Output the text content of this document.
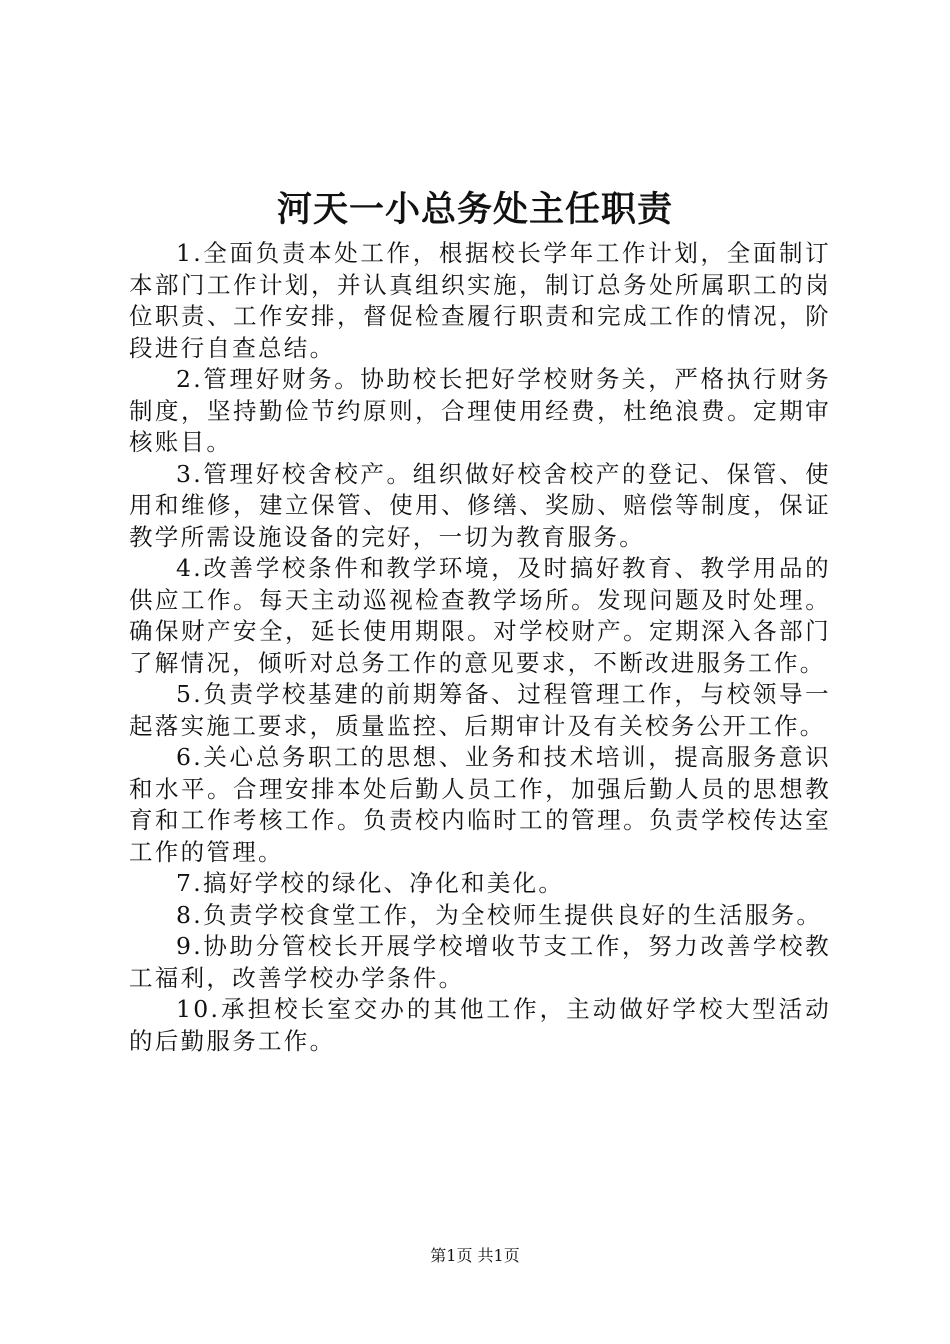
河天一小总务处主任职责

1.全面负责本处工作，根据校长学年工作计划，全面制订本部门工作计划，并认真组织实施，制订总务处所属职工的岗位职责、工作安排，督促检查履行职责和完成工作的情况，阶段进行自查总结。

2.管理好财务。协助校长把好学校财务关，严格执行财务制度，坚持勤俭节约原则，合理使用经费，杜绝浪费。定期审核账目。

3.管理好校舍校产。组织做好校舍校产的登记、保管、使用和维修，建立保管、使用、修缮、奖励、赔偿等制度，保证教学所需设施设备的完好，一切为教育服务。

4.改善学校条件和教学环境，及时搞好教育、教学用品的供应工作。每天主动巡视检查教学场所。发现问题及时处理。确保财产安全，延长使用期限。对学校财产。定期深入各部门了解情况，倾听对总务工作的意见要求，不断改进服务工作。

5.负责学校基建的前期筹备、过程管理工作，与校领导一起落实施工要求，质量监控、后期审计及有关校务公开工作。

6.关心总务职工的思想、业务和技术培训，提高服务意识和水平。合理安排本处后勤人员工作，加强后勤人员的思想教育和工作考核工作。负责校内临时工的管理。负责学校传达室工作的管理。

7.搞好学校的绿化、净化和美化。

8.负责学校食堂工作，为全校师生提供良好的生活服务。

9.协助分管校长开展学校增收节支工作，努力改善学校教工福利，改善学校办学条件。

10.承担校长室交办的其他工作，主动做好学校大型活动的后勤服务工作。

第1页 共1页
